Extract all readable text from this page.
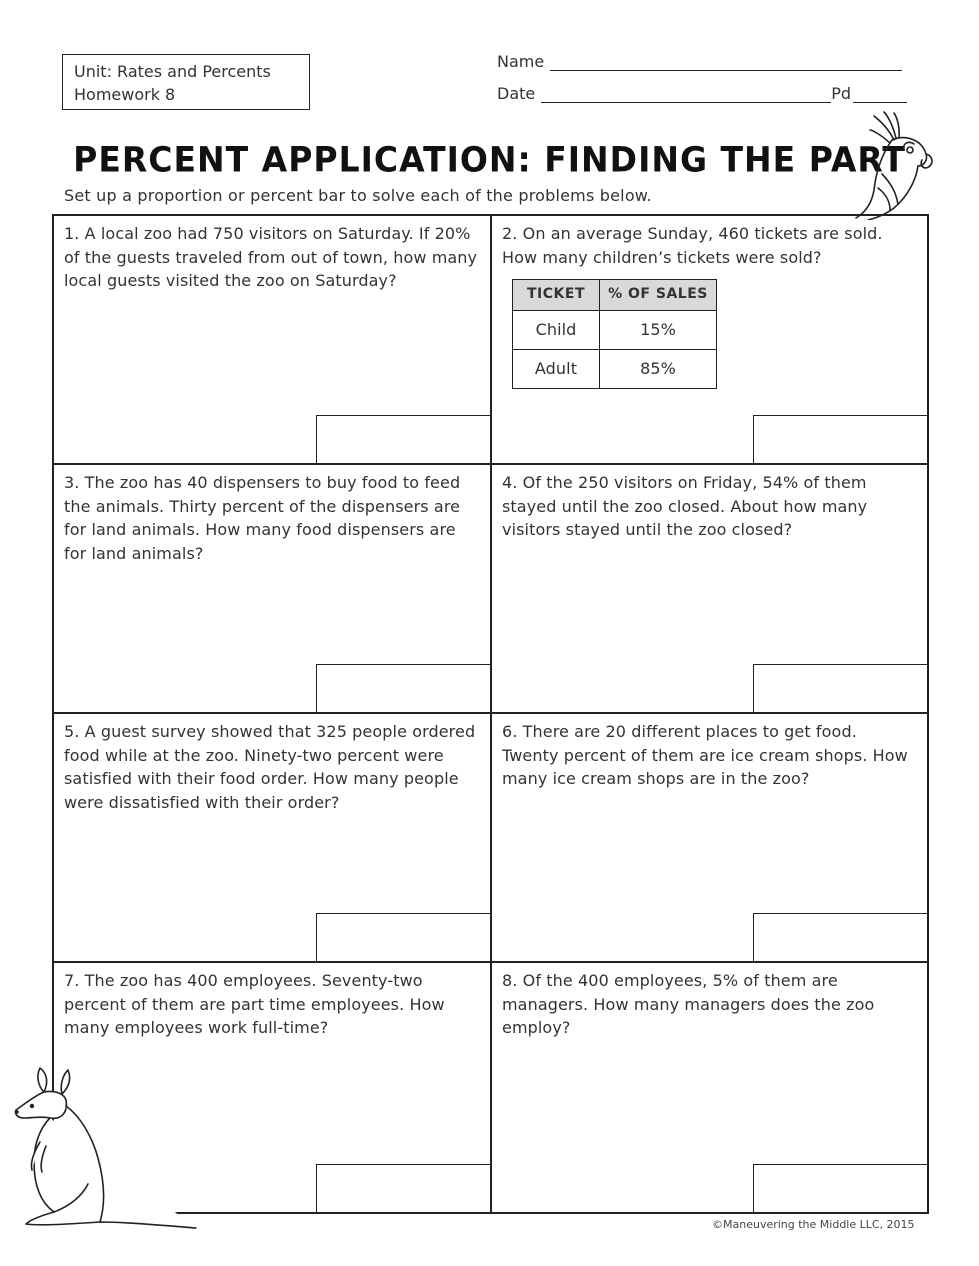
Unit: Rates and Percents
Homework 8
Name
Date	Pd
PERCENT APPLICATION: FINDING THE PART
Set up a proportion or percent bar to solve each of the problems below.
1. A local zoo had 750 visitors on Saturday. If 20% of the guests traveled from out of town, how many local guests visited the zoo on Saturday?
2. On an average Sunday, 460 tickets are sold. How many children’s tickets were sold?
TICKET	% OF SALES
Child	15%
Adult	85%
3. The zoo has 40 dispensers to buy food to feed the animals. Thirty percent of the dispensers are for land animals. How many food dispensers are for land animals?
4. Of the 250 visitors on Friday, 54% of them stayed until the zoo closed. About how many visitors stayed until the zoo closed?
5. A guest survey showed that 325 people ordered food while at the zoo. Ninety-two percent were satisfied with their food order. How many people were dissatisfied with their order?
6. There are 20 different places to get food. Twenty percent of them are ice cream shops. How many ice cream shops are in the zoo?
7. The zoo has 400 employees. Seventy-two percent of them are part time employees. How many employees work full-time?
8. Of the 400 employees, 5% of them are managers. How many managers does the zoo employ?
©Maneuvering the Middle LLC, 2015
